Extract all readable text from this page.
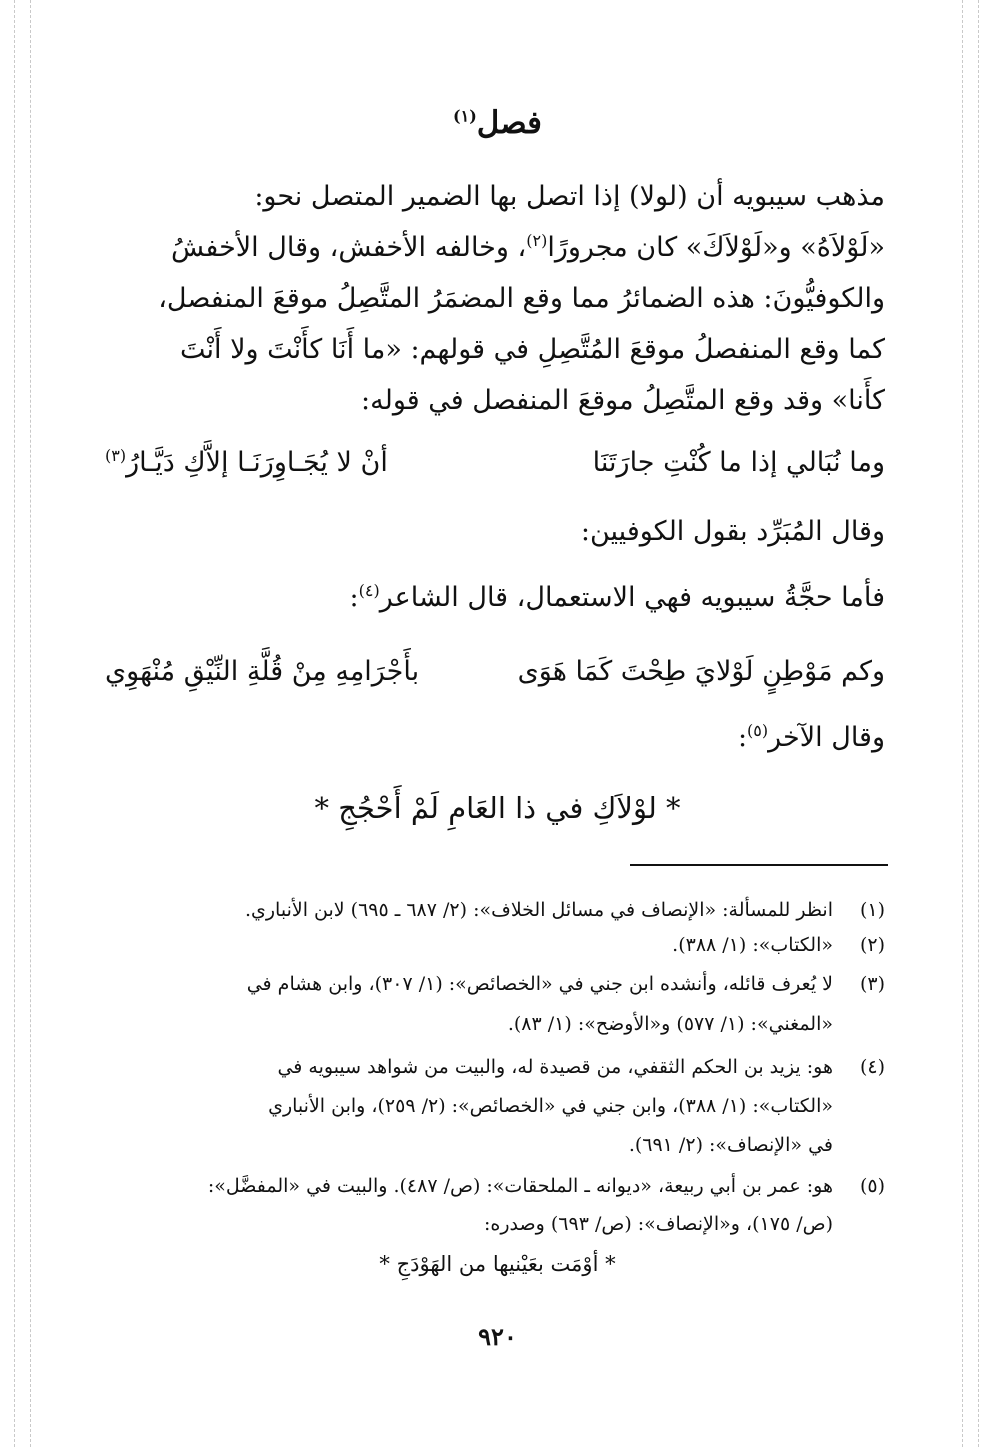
فصل$^{(١)}$
مذهب سيبويه أن (لولا) إذا اتصل بها الضمير المتصل نحو:
«لَوْلاَهُ» و«لَوْلاَكَ» كان مجرورًا$^{(٢)}$، وخالفه الأخفش، وقال الأخفشُ
والكوفيُّونَ: هذه الضمائرُ مما وقع المضمَرُ المتَّصِلُ موقعَ المنفصل،
كما وقع المنفصلُ موقعَ المُتَّصِلِ في قولهم: «ما أَنَا كأَنْتَ ولا أَنْتَ
كأَنا» وقد وقع المتَّصِلُ موقعَ المنفصل في قوله:
وما نُبَالي إذا ما كُنْتِ جارَتَنَا
أنْ لا يُجَـاوِرَنَـا إلاَّكِ دَيَّـارُ$^{(٣)}$
وقال المُبَرِّد بقول الكوفيين:
فأما حجَّةُ سيبويه فهي الاستعمال، قال الشاعر$^{(٤)}$:
وكم مَوْطِنٍ لَوْلايَ طِحْتَ كَمَا هَوَى
بأَجْرَامِهِ مِنْ قُلَّةِ النِّيْقِ مُنْهَوِي
وقال الآخر$^{(٥)}$:
* لوْلاَكِ في ذا العَامِ لَمْ أَحْجُجِ *
(١)
انظر للمسألة: «الإنصاف في مسائل الخلاف»: (٢/ ٦٨٧ ـ ٦٩٥) لابن الأنباري.
(٢)
«الكتاب»: (١/ ٣٨٨).
(٣)
لا يُعرف قائله، وأنشده ابن جني في «الخصائص»: (١/ ٣٠٧)، وابن هشام في
«المغني»: (١/ ٥٧٧) و«الأوضح»: (١/ ٨٣).
(٤)
هو: يزيد بن الحكم الثقفي، من قصيدة له، والبيت من شواهد سيبويه في
«الكتاب»: (١/ ٣٨٨)، وابن جني في «الخصائص»: (٢/ ٢٥٩)، وابن الأنباري
في «الإنصاف»: (٢/ ٦٩١).
(٥)
هو: عمر بن أبي ربيعة، «ديوانه ـ الملحقات»: (ص/ ٤٨٧). والبيت في «المفضَّل»:
(ص/ ١٧٥)، و«الإنصاف»: (ص/ ٦٩٣) وصدره:
* أوْمَت بعَيْنيها من الهَوْدَجِ *
٩٢٠
